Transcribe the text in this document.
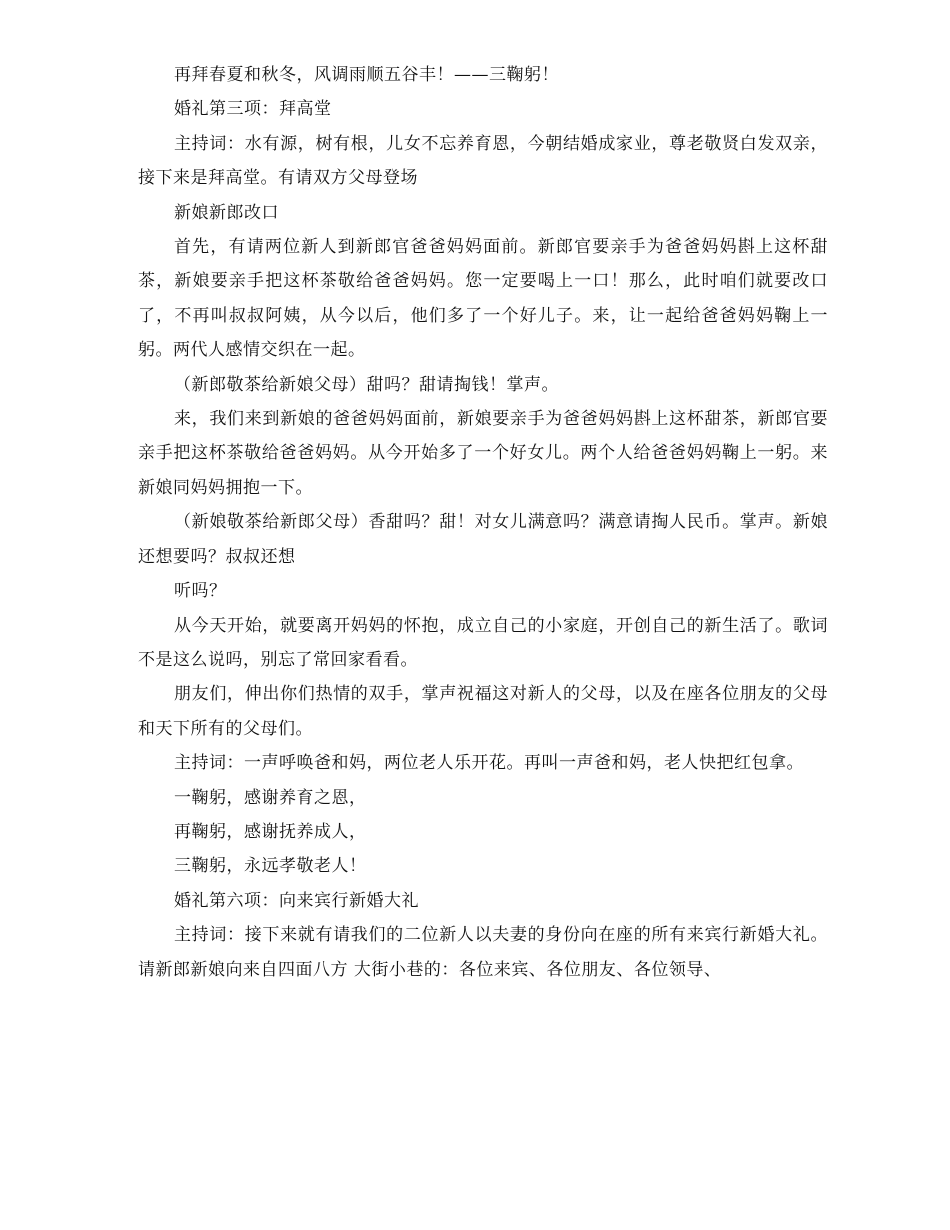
再拜春夏和秋冬，风调雨顺五谷丰！——三鞠躬！

婚礼第三项：拜高堂

主持词：水有源，树有根，儿女不忘养育恩，今朝结婚成家业，尊老敬贤白发双亲，接下来是拜高堂。有请双方父母登场

新娘新郎改口

首先，有请两位新人到新郎官爸爸妈妈面前。新郎官要亲手为爸爸妈妈斟上这杯甜茶，新娘要亲手把这杯茶敬给爸爸妈妈。您一定要喝上一口！那么，此时咱们就要改口了，不再叫叔叔阿姨，从今以后，他们多了一个好儿子。来，让一起给爸爸妈妈鞠上一躬。两代人感情交织在一起。

（新郎敬茶给新娘父母）甜吗？甜请掏钱！掌声。

来，我们来到新娘的爸爸妈妈面前，新娘要亲手为爸爸妈妈斟上这杯甜茶，新郎官要亲手把这杯茶敬给爸爸妈妈。从今开始多了一个好女儿。两个人给爸爸妈妈鞠上一躬。来新娘同妈妈拥抱一下。

（新娘敬茶给新郎父母）香甜吗？甜！对女儿满意吗？满意请掏人民币。掌声。新娘还想要吗？叔叔还想

听吗？

从今天开始，就要离开妈妈的怀抱，成立自己的小家庭，开创自己的新生活了。歌词不是这么说吗，别忘了常回家看看。

朋友们，伸出你们热情的双手，掌声祝福这对新人的父母，以及在座各位朋友的父母和天下所有的父母们。

主持词：一声呼唤爸和妈，两位老人乐开花。再叫一声爸和妈，老人快把红包拿。

一鞠躬，感谢养育之恩，

再鞠躬，感谢抚养成人，

三鞠躬，永远孝敬老人！

婚礼第六项：向来宾行新婚大礼

主持词：接下来就有请我们的二位新人以夫妻的身份向在座的所有来宾行新婚大礼。请新郎新娘向来自四面八方 大街小巷的：各位来宾、各位朋友、各位领导、
